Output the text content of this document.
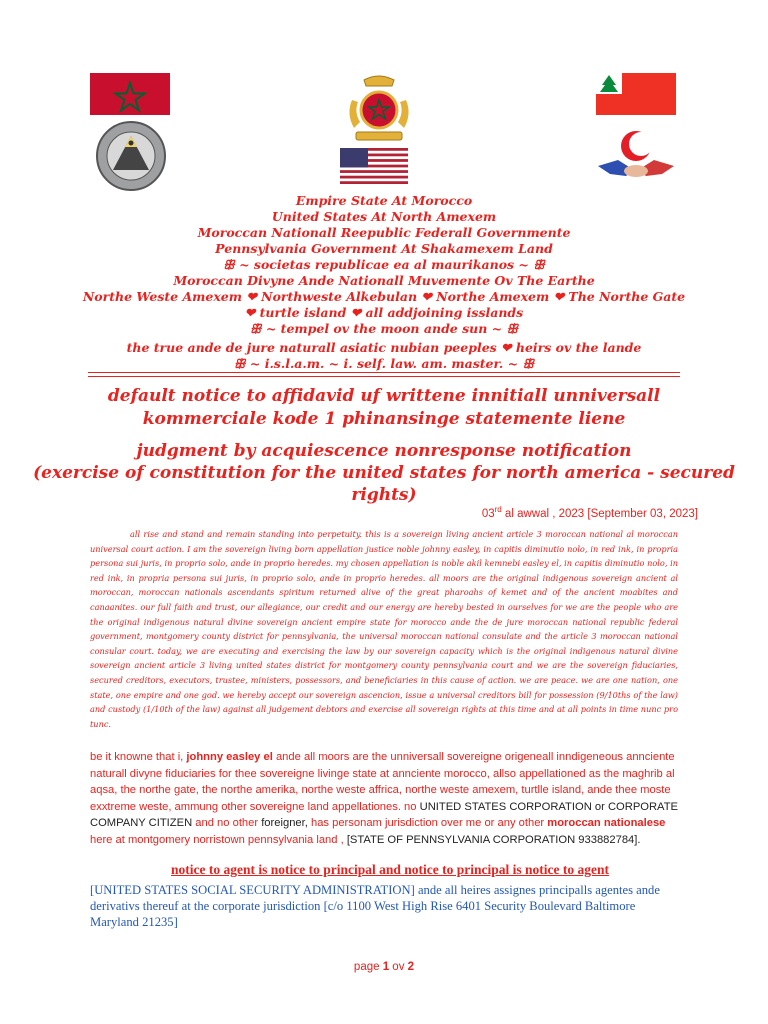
Empire State At Morocco
United States At North Amexem
Moroccan Nationall Reepublic Federall Governmente
Pennsylvania Government At Shakamexem Land
ꕥ ~ societas republicae ea al maurikanos ~ ꕥ
Moroccan Divyne Ande Nationall Muvemente Ov The Earthe
Northe Weste Amexem ❤ Northweste Alkebulan ❤ Northe Amexem ❤ The Northe Gate
❤ turtle island ❤ all addjoining isslands
ꕥ ~ tempel ov the moon ande sun ~ ꕥ
the true ande de jure naturall asiatic nubian peeples ❤ heirs ov the lande
ꕥ ~ i.s.l.a.m. ~ i. self. law. am. master. ~ ꕥ
default notice to affidavid uf writtene innitiall unniversall
kommerciale kode 1 phinansinge statemente liene
judgment by acquiescence nonresponse notification
(exercise of constitution for the united states for north america - secured rights)
03rd al awwal , 2023 [September 03, 2023]
all rise and stand and remain standing into perpetuity. this is a sovereign living ancient article 3 moroccan national al moroccan universal court action. I am the sovereign living born appellation justice noble johnny easley, in capitis diminutio nolo, in red ink, in propria persona sui juris, in proprio solo, ande in proprio heredes. my chosen appellation is noble akil kemnebi easley el, in capitis diminutio nolo, in red ink, in propria persona sui juris, in proprio solo, ande in proprio heredes. all moors are the original indigenous sovereign ancient al moroccan, moroccan nationals ascendants spiritum returned alive of the great pharoahs of kemet and of the ancient moabites and canaanites. our full faith and trust, our allegiance, our credit and our energy are hereby bested in ourselves for we are the people who are the original indigenous natural divine sovereign ancient empire state for morocco ande the de jure moroccan national republic federal government, montgomery county district for pennsylvania, the universal moroccan national consulate and the article 3 moroccan national consular court. today, we are executing and exercising the law by our sovereign capacity which is the original indigenous natural divine sovereign ancient article 3 living united states district for montgomery county pennsylvania court and we are the sovereign fiduciaries, secured creditors, executors, trustee, ministers, possessors, and beneficiaries in this cause of action. we are peace. we are one nation, one state, one empire and one god. we hereby accept our sovereign ascencion, issue a universal creditors bill for possession (9/10ths of the law) and custody (1/10th of the law) against all judgement debtors and exercise all sovereign rights at this time and at all points in time nunc pro tunc.
be it knowne that i, johnny easley el ande all moors are the unniversall sovereigne origeneall inndigeneous annciente naturall divyne fiduciaries for thee sovereigne livinge state at annciente morocco, allso appellationed as the maghrib al aqsa, the northe gate, the northe amerika, northe weste affrica, northe weste amexem, turtlle island, ande thee moste exxtreme weste, ammung other sovereigne land appellationes. no UNITED STATES CORPORATION or CORPORATE COMPANY CITIZEN and no other foreigner, has personam jurisdiction over me or any other moroccan nationalese here at montgomery norristown pennsylvania land , [STATE OF PENNSYLVANIA CORPORATION 933882784].
notice to agent is notice to principal and notice to principal is notice to agent
[UNITED STATES SOCIAL SECURITY ADMINISTRATION] ande all heires assignes principalls agentes ande derivativs thereuf at the corporate jurisdiction [c/o 1100 West High Rise 6401 Security Boulevard Baltimore Maryland 21235]
page 1 ov 2
